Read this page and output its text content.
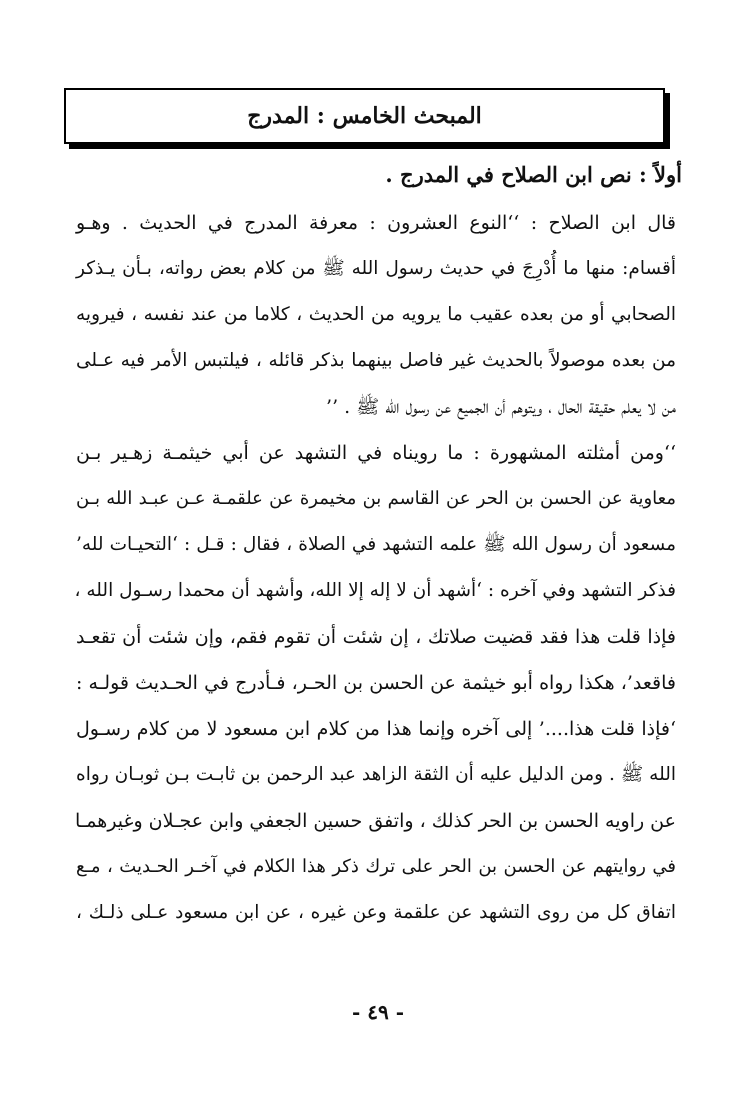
المبحث الخامس : المدرج
أولاً : نص ابن الصلاح في المدرج .
قال ابن الصلاح : ‘‘النوع العشرون : معرفة المدرج في الحديث . وهـو
أقسام: منها ما أُدْرِجَ في حديث رسول الله ﷺ من كلام بعض رواته، بـأن يـذكر
الصحابي أو من بعده عقيب ما يرويه من الحديث ، كلاما من عند نفسه ، فيرويه
من بعده موصولاً بالحديث غير فاصل بينهما بذكر قائله ، فيلتبس الأمر فيه عـلى
من لا يعلم حقيقة الحال ، ويتوهم أن الجميع عن رسول الله ﷺ . ’’
‘‘ومن أمثلته المشهورة : ما رويناه في التشهد عن أبي خيثمـة زهـير بـن
معاوية عن الحسن بن الحر عن القاسم بن مخيمرة عن علقمـة عـن عبـد الله بـن
مسعود أن رسول الله ﷺ علمه التشهد في الصلاة ، فقال : قـل : ‘التحيـات لله’
فذكر التشهد وفي آخره : ‘أشهد أن لا إله إلا الله، وأشهد أن محمدا رسـول الله ،
فإذا قلت هذا فقد قضيت صلاتك ، إن شئت أن تقوم فقم، وإن شئت أن تقعـد
فاقعد’، هكذا رواه أبو خيثمة عن الحسن بن الحـر، فـأدرج في الحـديث قولـه :
‘فإذا قلت هذا....’ إلى آخره وإنما هذا من كلام ابن مسعود لا من كلام رسـول
الله ﷺ . ومن الدليل عليه أن الثقة الزاهد عبد الرحمن بن ثابـت بـن ثوبـان رواه
عن راويه الحسن بن الحر كذلك ، واتفق حسين الجعفي وابن عجـلان وغيرهمـا
في روايتهم عن الحسن بن الحر على ترك ذكر هذا الكلام في آخـر الحـديث ، مـع
اتفاق كل من روى التشهد عن علقمة وعن غيره ، عن ابن مسعود عـلى ذلـك ،
- ٤٩ -
